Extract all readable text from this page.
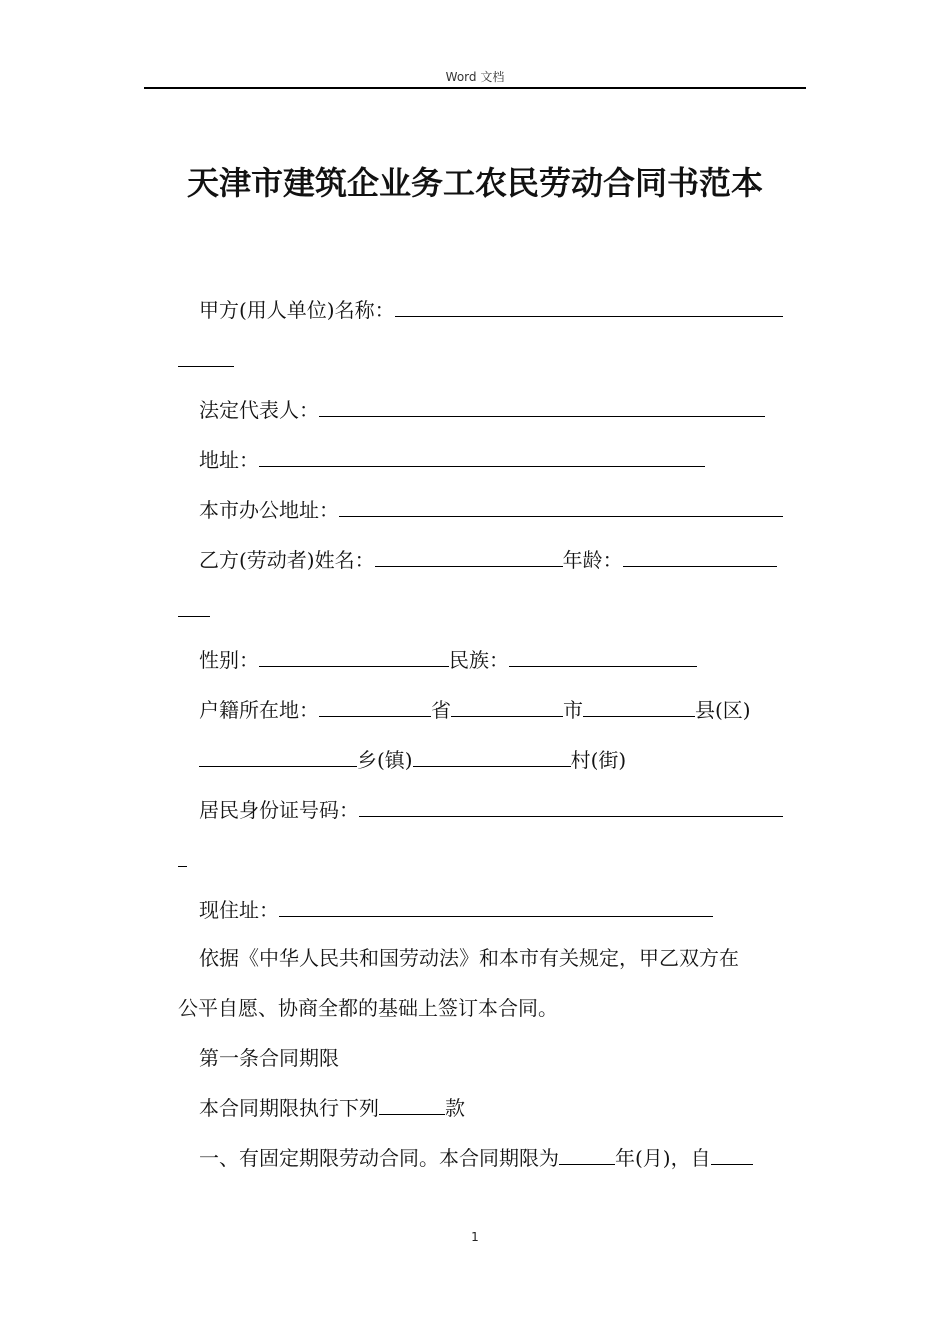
Word 文档
天津市建筑企业务工农民劳动合同书范本
甲方(用人单位)名称：
法定代表人：
地址：
本市办公地址：
乙方(劳动者)姓名：	年龄：
性别：	民族：
户籍所在地：	省	市	县(区)
乡(镇)	村(街)
居民身份证号码：
现住址：
依据《中华人民共和国劳动法》和本市有关规定，甲乙双方在
公平自愿、协商全都的基础上签订本合同。
第一条合同期限
本合同期限执行下列	款
一、有固定期限劳动合同。本合同期限为	年(月)，自
1
